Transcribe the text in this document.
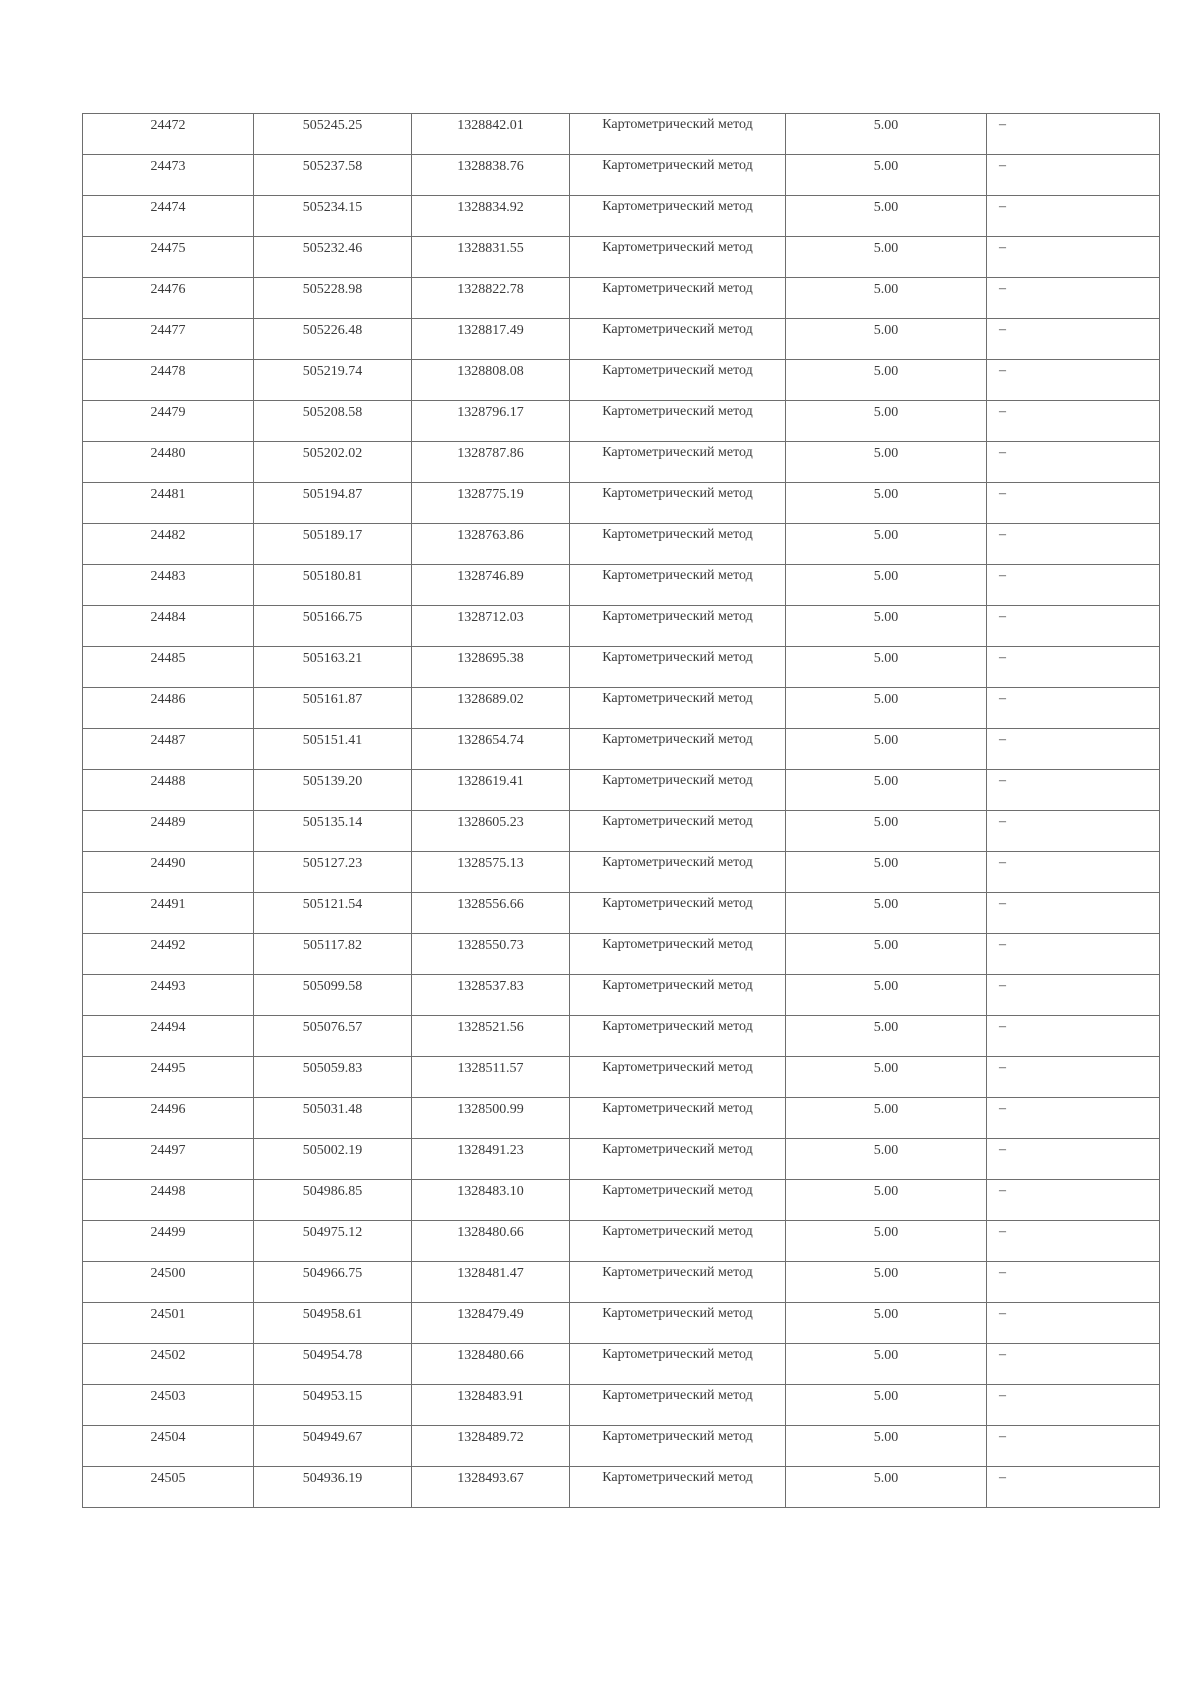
24472	505245.25	1328842.01	Картометрический метод	5.00	–

24473	505237.58	1328838.76	Картометрический метод	5.00	–

24474	505234.15	1328834.92	Картометрический метод	5.00	–

24475	505232.46	1328831.55	Картометрический метод	5.00	–

24476	505228.98	1328822.78	Картометрический метод	5.00	–

24477	505226.48	1328817.49	Картометрический метод	5.00	–

24478	505219.74	1328808.08	Картометрический метод	5.00	–

24479	505208.58	1328796.17	Картометрический метод	5.00	–

24480	505202.02	1328787.86	Картометрический метод	5.00	–

24481	505194.87	1328775.19	Картометрический метод	5.00	–

24482	505189.17	1328763.86	Картометрический метод	5.00	–

24483	505180.81	1328746.89	Картометрический метод	5.00	–

24484	505166.75	1328712.03	Картометрический метод	5.00	–

24485	505163.21	1328695.38	Картометрический метод	5.00	–

24486	505161.87	1328689.02	Картометрический метод	5.00	–

24487	505151.41	1328654.74	Картометрический метод	5.00	–

24488	505139.20	1328619.41	Картометрический метод	5.00	–

24489	505135.14	1328605.23	Картометрический метод	5.00	–

24490	505127.23	1328575.13	Картометрический метод	5.00	–

24491	505121.54	1328556.66	Картометрический метод	5.00	–

24492	505117.82	1328550.73	Картометрический метод	5.00	–

24493	505099.58	1328537.83	Картометрический метод	5.00	–

24494	505076.57	1328521.56	Картометрический метод	5.00	–

24495	505059.83	1328511.57	Картометрический метод	5.00	–

24496	505031.48	1328500.99	Картометрический метод	5.00	–

24497	505002.19	1328491.23	Картометрический метод	5.00	–

24498	504986.85	1328483.10	Картометрический метод	5.00	–

24499	504975.12	1328480.66	Картометрический метод	5.00	–

24500	504966.75	1328481.47	Картометрический метод	5.00	–

24501	504958.61	1328479.49	Картометрический метод	5.00	–

24502	504954.78	1328480.66	Картометрический метод	5.00	–

24503	504953.15	1328483.91	Картометрический метод	5.00	–

24504	504949.67	1328489.72	Картометрический метод	5.00	–

24505	504936.19	1328493.67	Картометрический метод	5.00	–
